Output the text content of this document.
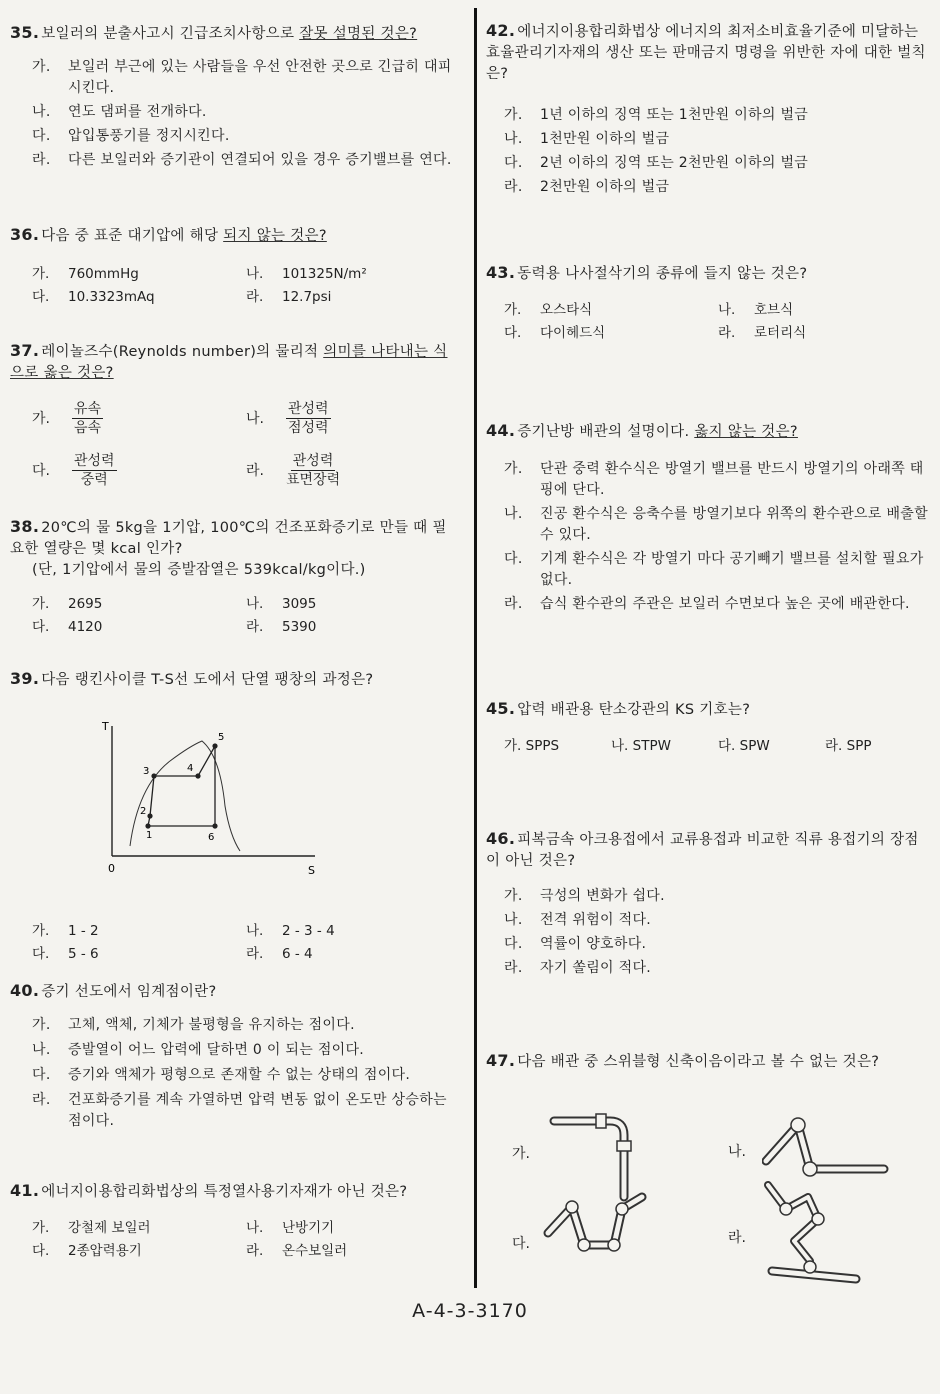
35. 보일러의 분출사고시 긴급조치사항으로 잘못 설명된 것은?
가.	보일러 부근에 있는 사람들을 우선 안전한 곳으로 긴급히 대피시킨다.
나.	연도 댐퍼를 전개하다.
다.	압입통풍기를 정지시킨다.
라.	다른 보일러와 증기관이 연결되어 있을 경우 증기밸브를 연다.
36. 다음 중 표준 대기압에 해당 되지 않는 것은?
가.	760mmHg	나.	101325N/m²
다.	10.3323mAq	라.	12.7psi
37. 레이놀즈수(Reynolds number)의 물리적 의미를 나타내는 식으로 옳은 것은?
가.	$\frac{\text{유속}}{\text{음속}}$	나.	$\frac{\text{관성력}}{\text{점성력}}$
다.	$\frac{\text{관성력}}{\text{중력}}$	라.	$\frac{\text{관성력}}{\text{표면장력}}$
38. 20℃의 물 5kg을 1기압, 100℃의 건조포화증기로 만들 때 필요한 열량은 몇 kcal 인가?
(단, 1기압에서 물의 증발잠열은 539kcal/kg이다.)
가.	2695	나.	3095
다.	4120	라.	5390
39. 다음 랭킨사이클 T-S선 도에서 단열 팽창의 과정은?
T
S
0
1
2
3	4
5
6
가.	1 - 2	나.	2 - 3 - 4
다.	5 - 6	라.	6 - 4
40. 증기 선도에서 임계점이란?
가.	고체, 액체, 기체가 불평형을 유지하는 점이다.
나.	증발열이 어느 압력에 달하면 0 이 되는 점이다.
다.	증기와 액체가 평형으로 존재할 수 없는 상태의 점이다.
라.	건포화증기를 계속 가열하면 압력 변동 없이 온도만 상승하는 점이다.
41. 에너지이용합리화법상의 특정열사용기자재가 아닌 것은?
가.	강철제 보일러	나.	난방기기
다.	2종압력용기	라.	온수보일러
42. 에너지이용합리화법상 에너지의 최저소비효율기준에 미달하는 효율관리기자재의 생산 또는 판매금지 명령을 위반한 자에 대한 벌칙은?
가.	1년 이하의 징역 또는 1천만원 이하의 벌금
나.	1천만원 이하의 벌금
다.	2년 이하의 징역 또는 2천만원 이하의 벌금
라.	2천만원 이하의 벌금
43. 동력용 나사절삭기의 종류에 들지 않는 것은?
가.	오스타식	나.	호브식
다.	다이헤드식	라.	로터리식
44. 증기난방 배관의 설명이다. 옳지 않는 것은?
가.	단관 중력 환수식은 방열기 밸브를 반드시 방열기의 아래쪽 태핑에 단다.
나.	진공 환수식은 응축수를 방열기보다 위쪽의 환수관으로 배출할 수 있다.
다.	기계 환수식은 각 방열기 마다 공기빼기 밸브를 설치할 필요가 없다.
라.	습식 환수관의 주관은 보일러 수면보다 높은 곳에 배관한다.
45. 압력 배관용 탄소강관의 KS 기호는?
가. SPPS	나. STPW	다. SPW	라. SPP
46. 피복금속 아크용접에서 교류용접과 비교한 직류 용접기의 장점이 아닌 것은?
가.	극성의 변화가 쉽다.
나.	전격 위험이 적다.
다.	역률이 양호하다.
라.	자기 쏠림이 적다.
47. 다음 배관 중 스위블형 신축이음이라고 볼 수 없는 것은?
가.	나.
다.	라.
A-4-3-3170
